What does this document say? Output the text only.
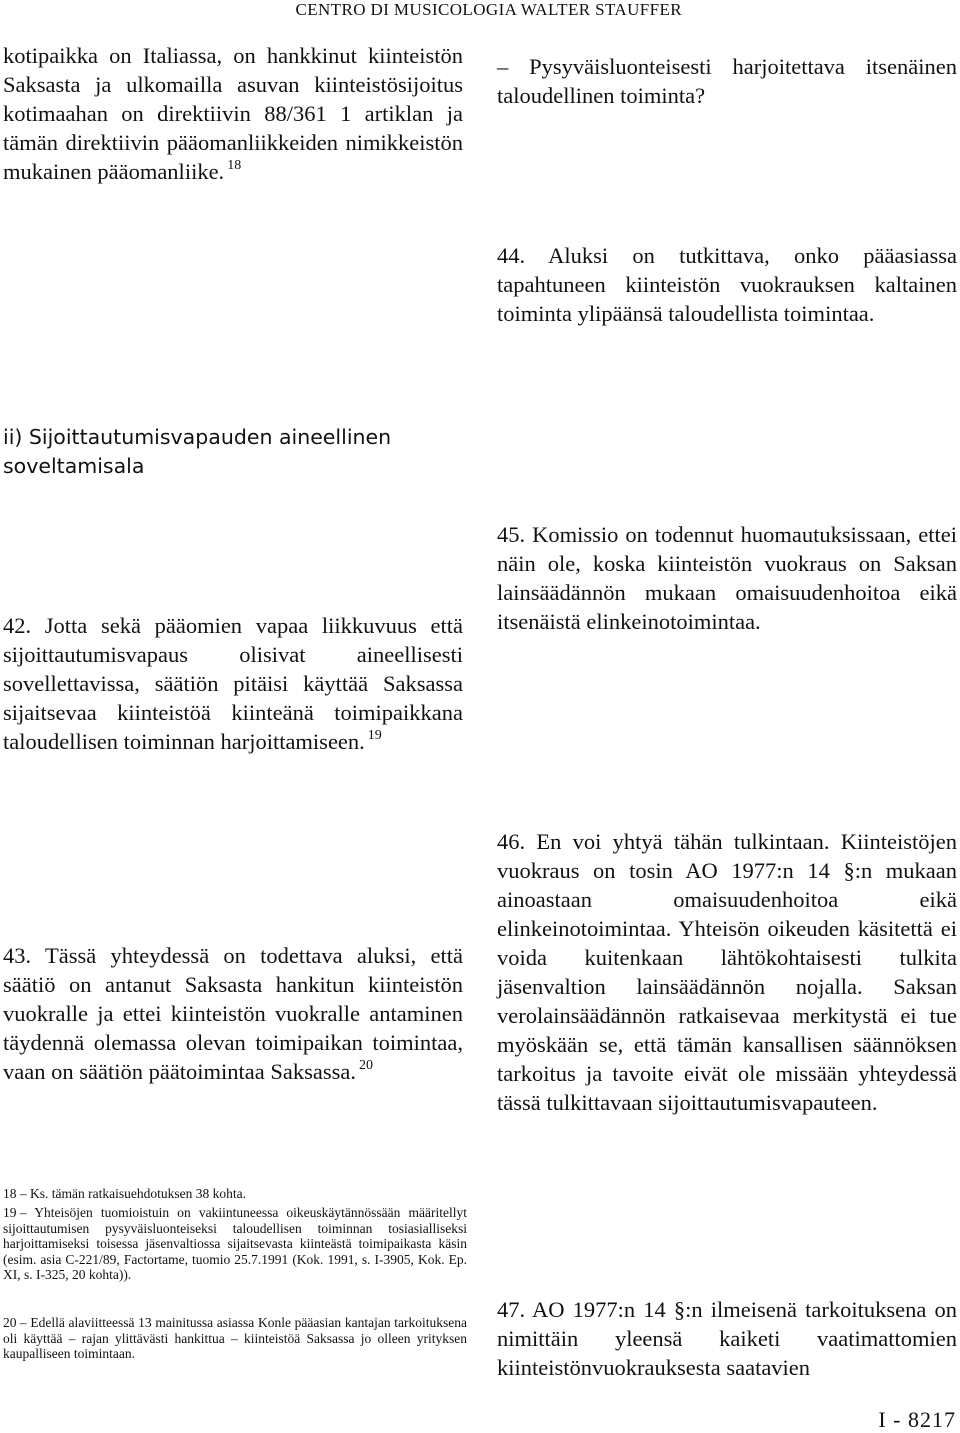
CENTRO DI MUSICOLOGIA WALTER STAUFFER

kotipaikka on Italiassa, on hankkinut kiinteistön Saksasta ja ulkomailla asuvan kiinteistösijoitus kotimaahan on direktiivin 88/361 1 artiklan ja tämän direktiivin pääomanliikkeiden nimikkeistön mukainen pääomanliike. $^{18}$

ii) Sijoittautumisvapauden aineellinen soveltamisala

42. Jotta sekä pääomien vapaa liikkuvuus että sijoittautumisvapaus olisivat aineellisesti sovellettavissa, säätiön pitäisi käyttää Saksassa sijaitsevaa kiinteistöä kiinteänä toimipaikkana taloudellisen toiminnan harjoittamiseen. $^{19}$

43. Tässä yhteydessä on todettava aluksi, että säätiö on antanut Saksasta hankitun kiinteistön vuokralle ja ettei kiinteistön vuokralle antaminen täydennä olemassa olevan toimipaikan toimintaa, vaan on säätiön päätoimintaa Saksassa. $^{20}$

– Pysyväisluonteisesti harjoitettava itsenäinen taloudellinen toiminta?

44. Aluksi on tutkittava, onko pääasiassa tapahtuneen kiinteistön vuokrauksen kaltainen toiminta ylipäänsä taloudellista toimintaa.

45. Komissio on todennut huomautuksissaan, ettei näin ole, koska kiinteistön vuokraus on Saksan lainsäädännön mukaan omaisuudenhoitoa eikä itsenäistä elinkeinotoimintaa.

46. En voi yhtyä tähän tulkintaan. Kiinteistöjen vuokraus on tosin AO 1977:n 14 §:n mukaan ainoastaan omaisuudenhoitoa eikä elinkeinotoimintaa. Yhteisön oikeuden käsitettä ei voida kuitenkaan lähtökohtaisesti tulkita jäsenvaltion lainsäädännön nojalla. Saksan verolainsäädännön ratkaisevaa merkitystä ei tue myöskään se, että tämän kansallisen säännöksen tarkoitus ja tavoite eivät ole missään yhteydessä tässä tulkittavaan sijoittautumisvapauteen.

47. AO 1977:n 14 §:n ilmeisenä tarkoituksena on nimittäin yleensä kaiketi vaatimattomien kiinteistönvuokrauksesta saatavien

18 – Ks. tämän ratkaisuehdotuksen 38 kohta.
19 – Yhteisöjen tuomioistuin on vakiintuneessa oikeuskäytännössään määritellyt sijoittautumisen pysyväisluonteiseksi taloudellisen toiminnan tosiasialliseksi harjoittamiseksi toisessa jäsenvaltiossa sijaitsevasta kiinteästä toimipaikasta käsin (esim. asia C-221/89, Factortame, tuomio 25.7.1991 (Kok. 1991, s. I-3905, Kok. Ep. XI, s. I-325, 20 kohta)).
20 – Edellä alaviitteessä 13 mainitussa asiassa Konle pääasian kantajan tarkoituksena oli käyttää – rajan ylittävästi hankittua – kiinteistöä Saksassa jo olleen yrityksen kaupalliseen toimintaan.
I - 8217
